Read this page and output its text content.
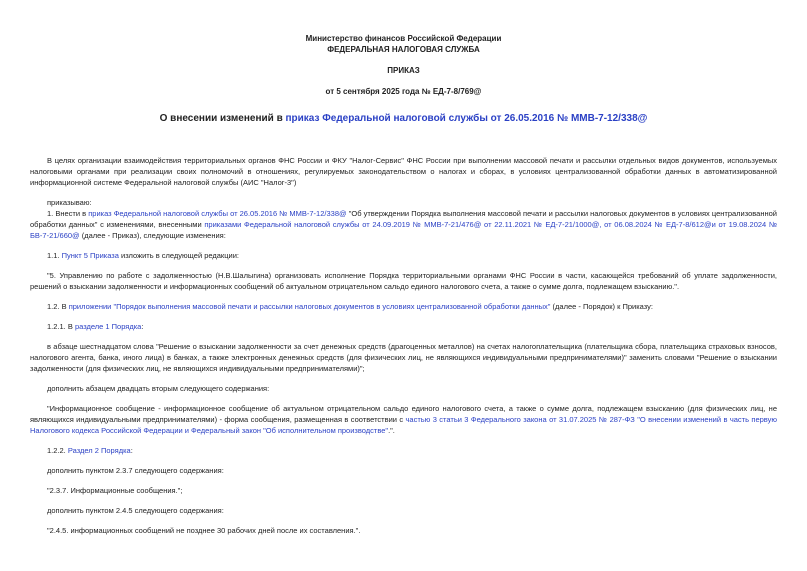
Министерство финансов Российской Федерации
ФЕДЕРАЛЬНАЯ НАЛОГОВАЯ СЛУЖБА
ПРИКАЗ
от 5 сентября 2025 года № ЕД-7-8/769@
О внесении изменений в приказ Федеральной налоговой службы от 26.05.2016 № ММВ-7-12/338@

В целях организации взаимодействия территориальных органов ФНС России и ФКУ "Налог-Сервис" ФНС России при выполнении массовой печати и рассылки отдельных видов документов, используемых налоговыми органами при реализации своих полномочий в отношениях, регулируемых законодательством о налогах и сборах, в условиях централизованной обработки данных в автоматизированной информационной системе Федеральной налоговой службы (АИС "Налог-3")

приказываю:

1. Внести в приказ Федеральной налоговой службы от 26.05.2016 № ММВ-7-12/338@ "Об утверждении Порядка выполнения массовой печати и рассылки налоговых документов в условиях централизованной обработки данных" с изменениями, внесенными приказами Федеральной налоговой службы от 24.09.2019 № ММВ-7-21/476@ от 22.11.2021 № ЕД-7-21/1000@, от 06.08.2024 № ЕД-7-8/612@и от 19.08.2024 № БВ-7-21/660@ (далее - Приказ), следующие изменения:

1.1. Пункт 5 Приказа изложить в следующей редакции:

"5. Управлению по работе с задолженностью (Н.В.Шалыгина) организовать исполнение Порядка территориальными органами ФНС России в части, касающейся требований об уплате задолженности, решений о взыскании задолженности и информационных сообщений об актуальном отрицательном сальдо единого налогового счета, а также о сумме долга, подлежащем взысканию.".

1.2. В приложении "Порядок выполнения массовой печати и рассылки налоговых документов в условиях централизованной обработки данных" (далее - Порядок) к Приказу:

1.2.1. В разделе 1 Порядка:

в абзаце шестнадцатом слова "Решение о взыскании задолженности за счет денежных средств (драгоценных металлов) на счетах налогоплательщика (плательщика сбора, плательщика страховых взносов, налогового агента, банка, иного лица) в банках, а также электронных денежных средств (для физических лиц, не являющихся индивидуальными предпринимателями)" заменить словами "Решение о взыскании задолженности (для физических лиц, не являющихся индивидуальными предпринимателями)";

дополнить абзацем двадцать вторым следующего содержания:

"Информационное сообщение - информационное сообщение об актуальном отрицательном сальдо единого налогового счета, а также о сумме долга, подлежащем взысканию (для физических лиц, не являющихся индивидуальными предпринимателями) - форма сообщения, размещенная в соответствии с частью 3 статьи 3 Федерального закона от 31.07.2025 № 287-ФЗ "О внесении изменений в часть первую Налогового кодекса Российской Федерации и Федеральный закон "Об исполнительном производстве".".

1.2.2. Раздел 2 Порядка:

дополнить пунктом 2.3.7 следующего содержания:

"2.3.7. Информационные сообщения.";

дополнить пунктом 2.4.5 следующего содержания:

"2.4.5. информационных сообщений не позднее 30 рабочих дней после их составления.".
